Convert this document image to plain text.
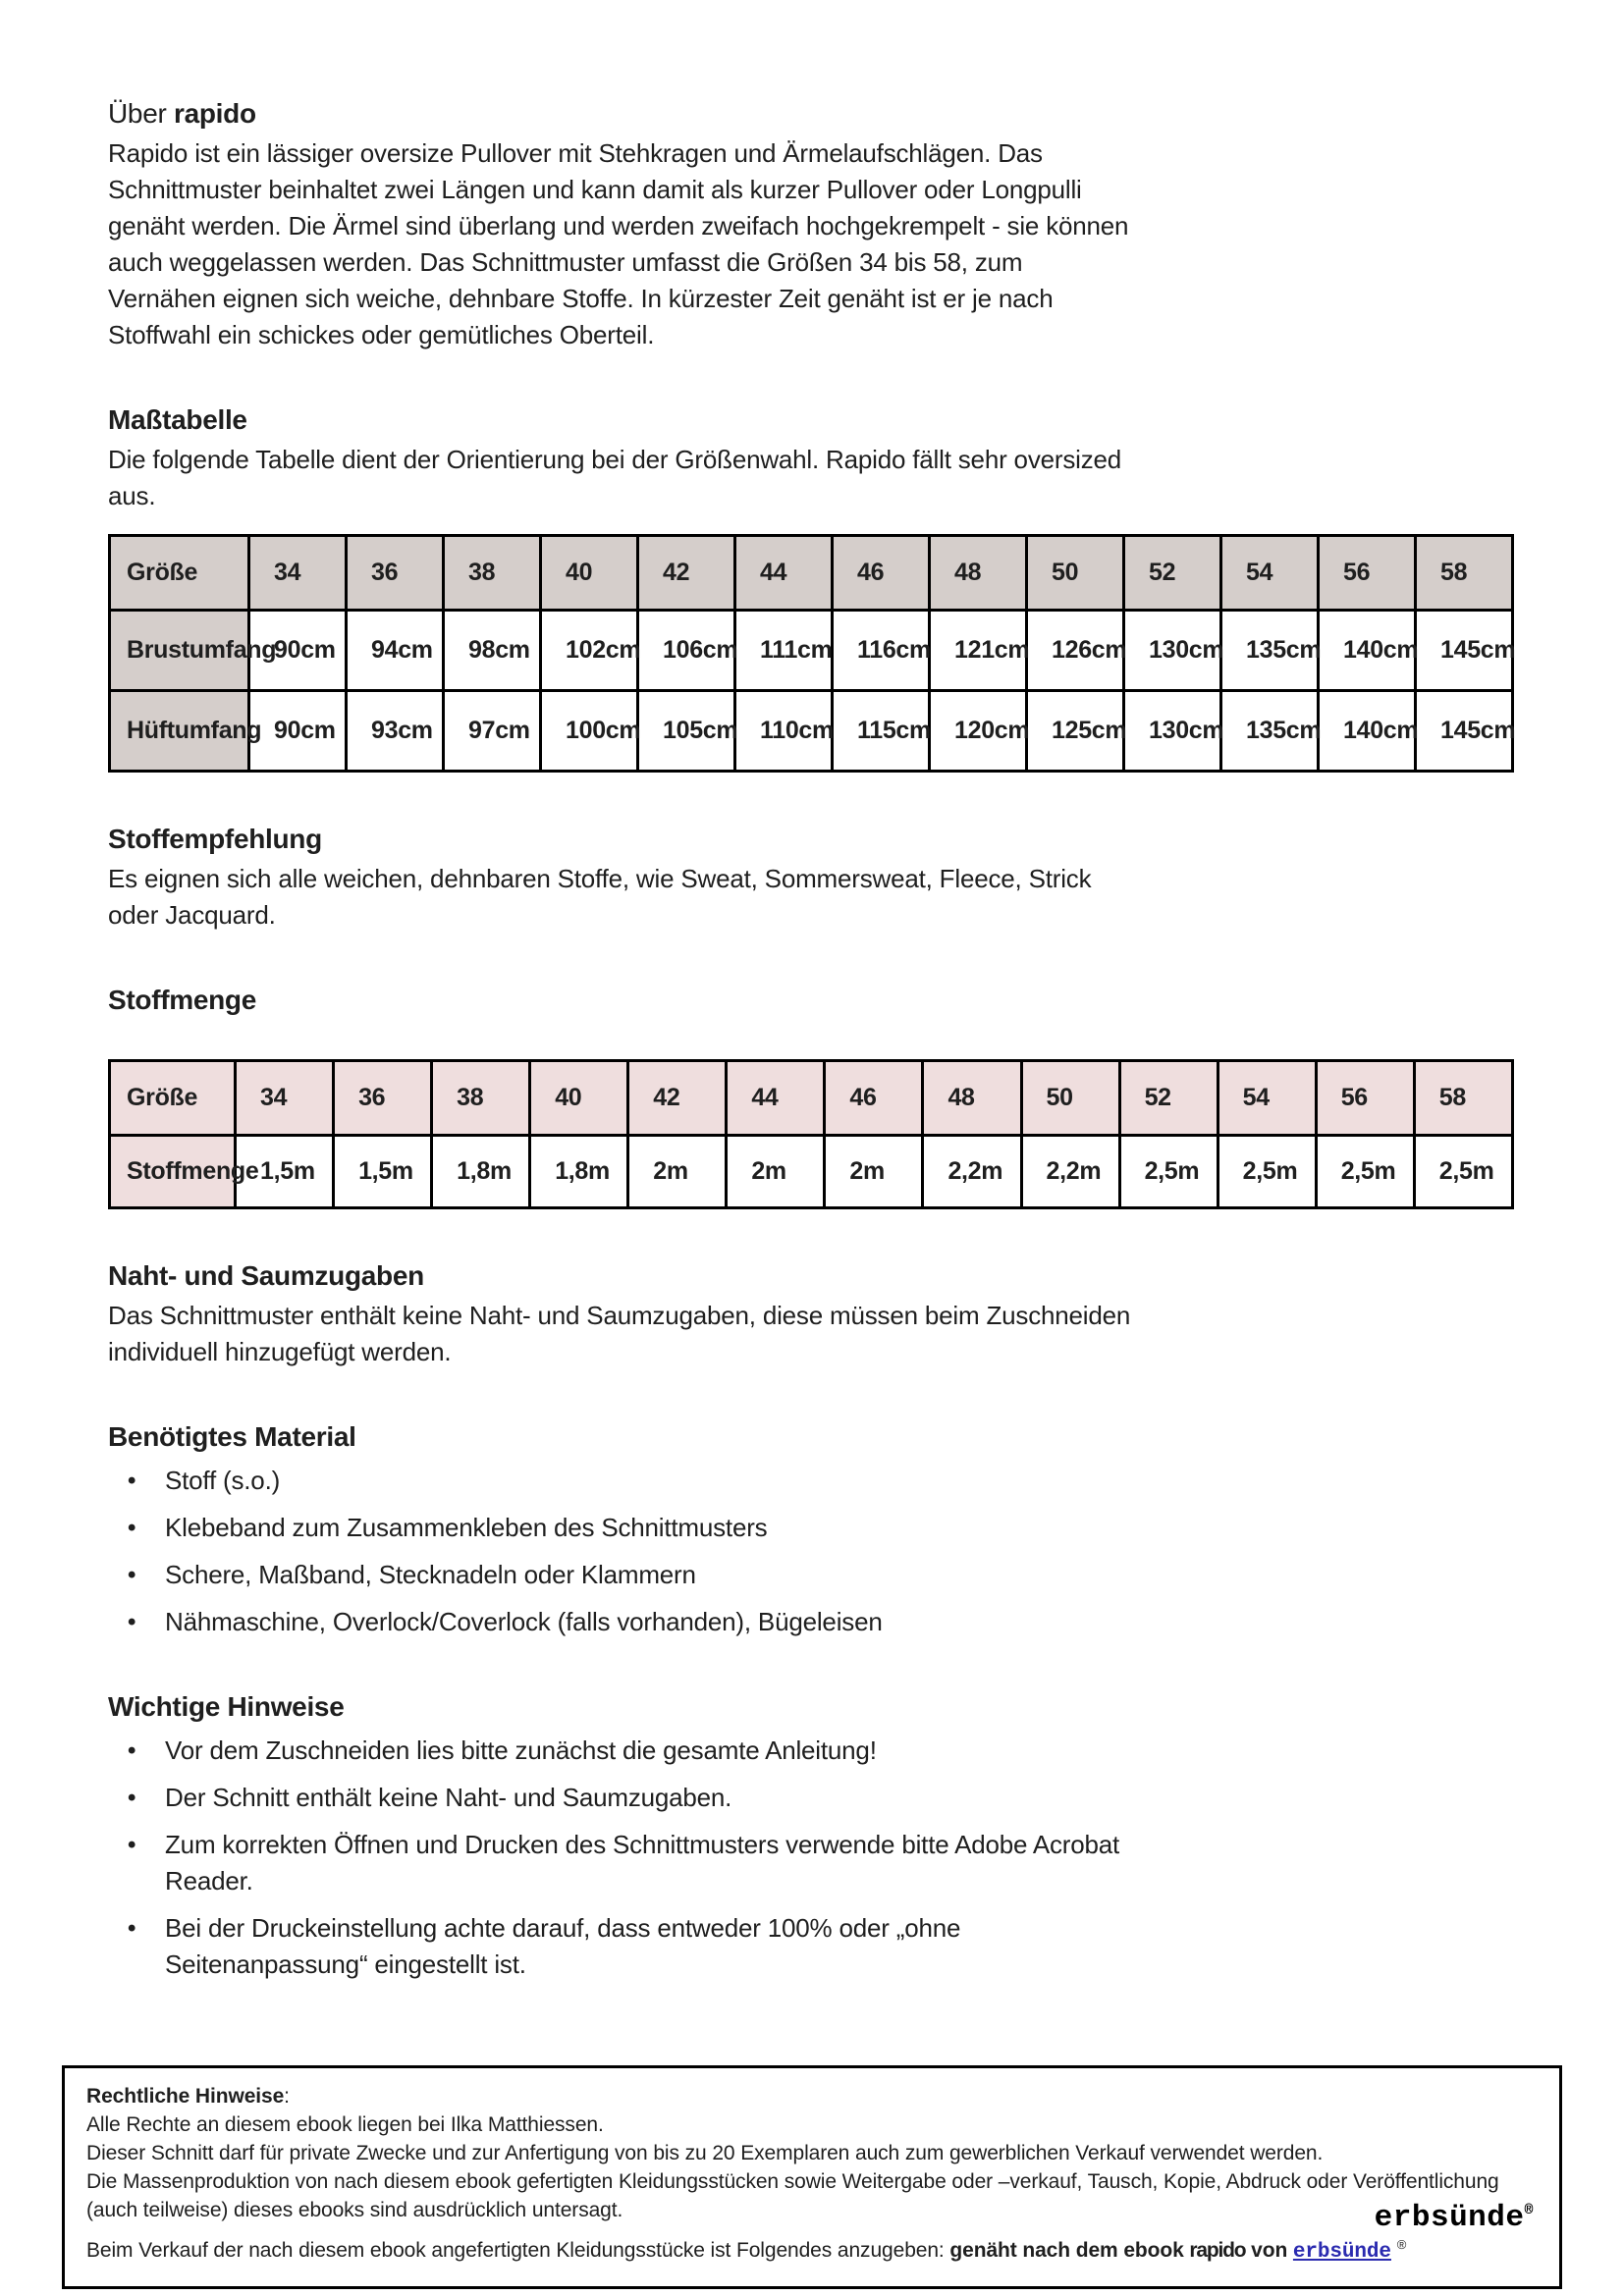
Über rapido

Rapido ist ein lässiger oversize Pullover mit Stehkragen und Ärmelaufschlägen. Das Schnittmuster beinhaltet zwei Längen und kann damit als kurzer Pullover oder Longpulli genäht werden. Die Ärmel sind überlang und werden zweifach hochgekrempelt - sie können auch weggelassen werden. Das Schnittmuster umfasst die Größen 34 bis 58, zum Vernähen eignen sich weiche, dehnbare Stoffe. In kürzester Zeit genäht ist er je nach Stoffwahl ein schickes oder gemütliches Oberteil.

Maßtabelle

Die folgende Tabelle dient der Orientierung bei der Größenwahl. Rapido fällt sehr oversized aus.

Größe	34	36	38	40	42	44	46	48	50	52	54	56	58
Brustumfang	90cm	94cm	98cm	102cm	106cm	111cm	116cm	121cm	126cm	130cm	135cm	140cm	145cm
Hüftumfang	90cm	93cm	97cm	100cm	105cm	110cm	115cm	120cm	125cm	130cm	135cm	140cm	145cm
Stoffempfehlung

Es eignen sich alle weichen, dehnbaren Stoffe, wie Sweat, Sommersweat, Fleece, Strick oder Jacquard.

Stoffmenge
Größe	34	36	38	40	42	44	46	48	50	52	54	56	58
Stoffmenge	1,5m	1,5m	1,8m	1,8m	2m	2m	2m	2,2m	2,2m	2,5m	2,5m	2,5m	2,5m
Naht- und Saumzugaben

Das Schnittmuster enthält keine Naht- und Saumzugaben, diese müssen beim Zuschneiden individuell hinzugefügt werden.

Benötigtes Material
• Stoff (s.o.)
• Klebeband zum Zusammenkleben des Schnittmusters
• Schere, Maßband, Stecknadeln oder Klammern
• Nähmaschine, Overlock/Coverlock (falls vorhanden), Bügeleisen
Wichtige Hinweise
• Vor dem Zuschneiden lies bitte zunächst die gesamte Anleitung!
• Der Schnitt enthält keine Naht- und Saumzugaben.
• Zum korrekten Öffnen und Drucken des Schnittmusters verwende bitte Adobe Acrobat Reader.
• Bei der Druckeinstellung achte darauf, dass entweder 100% oder „ohne Seitenanpassung“ eingestellt ist.

Rechtliche Hinweise:

Alle Rechte an diesem ebook liegen bei Ilka Matthiessen.

Dieser Schnitt darf für private Zwecke und zur Anfertigung von bis zu 20 Exemplaren auch zum gewerblichen Verkauf verwendet werden.

Die Massenproduktion von nach diesem ebook gefertigten Kleidungsstücken sowie Weitergabe oder –verkauf, Tausch, Kopie, Abdruck oder Veröffentlichung (auch teilweise) dieses ebooks sind ausdrücklich untersagt.

Beim Verkauf der nach diesem ebook angefertigten Kleidungsstücke ist Folgendes anzugeben: genäht nach dem ebook rapido von erbsünde ®

erbsünde®
